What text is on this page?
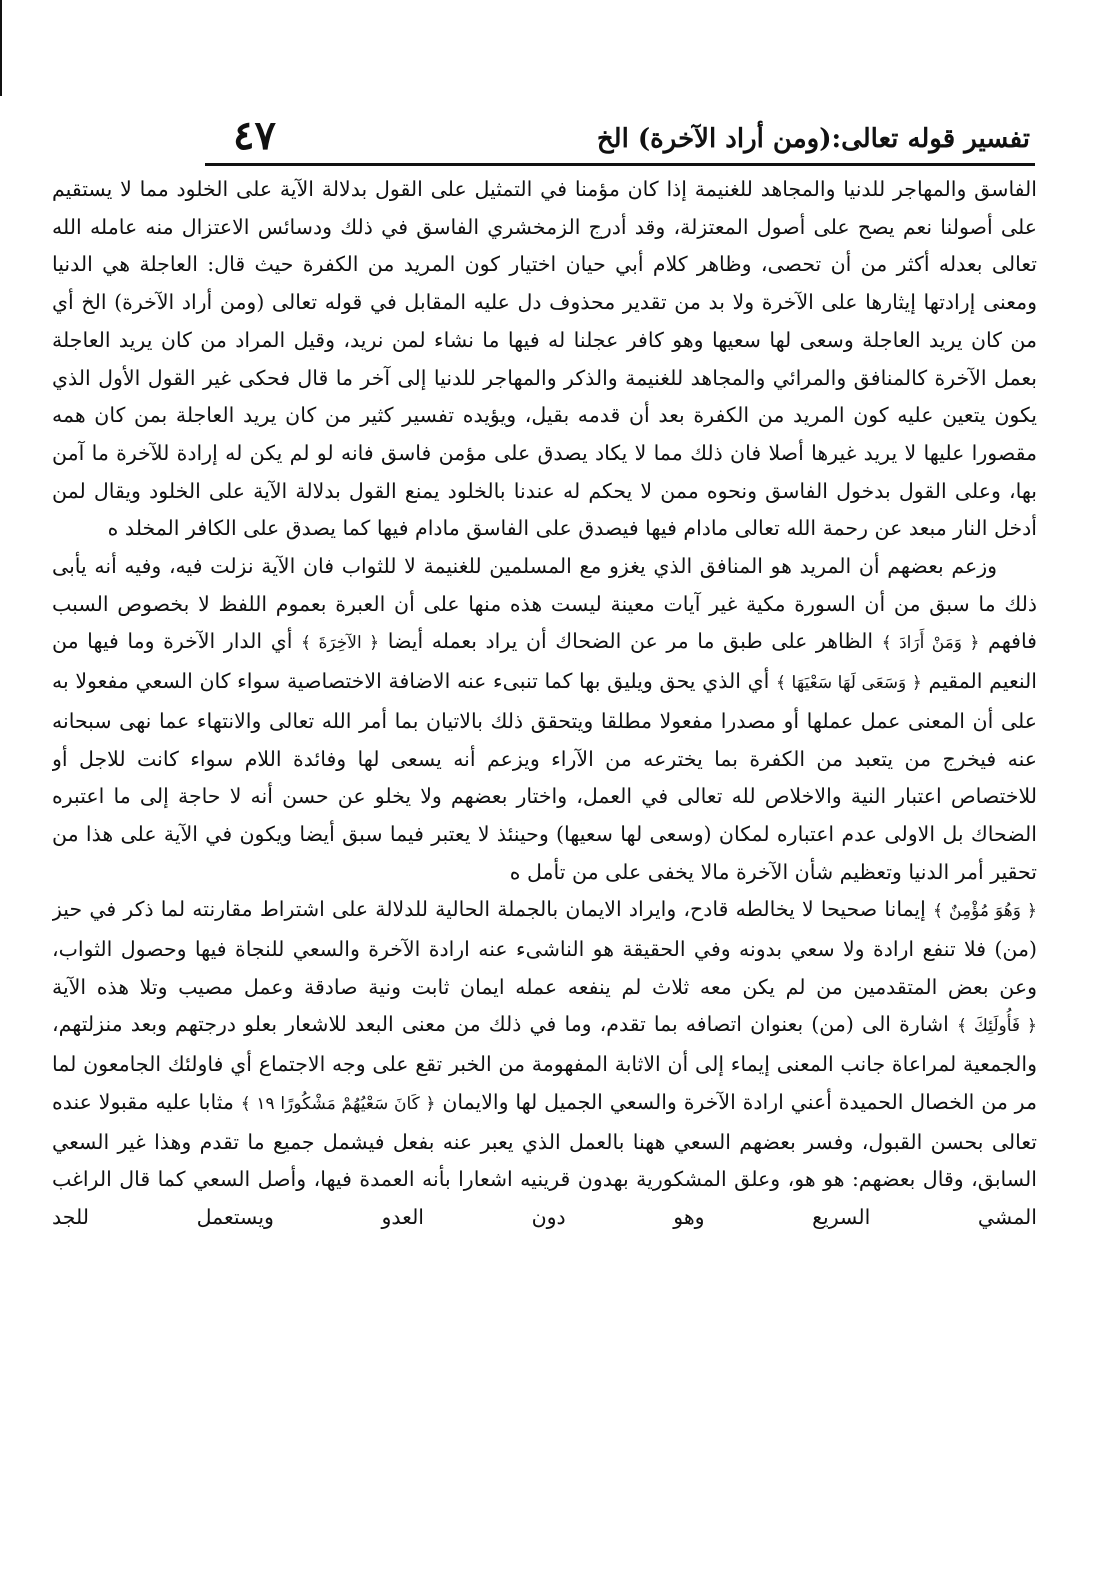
تفسير قوله تعالى:(ومن أراد الآخرة) الخ
٤٧

الفاسق والمهاجر للدنيا والمجاهد للغنيمة إذا كان مؤمنا في التمثيل على القول بدلالة الآية على الخلود مما لا يستقيم على أصولنا نعم يصح على أصول المعتزلة، وقد أدرج الزمخشري الفاسق في ذلك ودسائس الاعتزال منه عامله الله تعالى بعدله أكثر من أن تحصى، وظاهر كلام أبي حيان اختيار كون المريد من الكفرة حيث قال: العاجلة هي الدنيا ومعنى إرادتها إيثارها على الآخرة ولا بد من تقدير محذوف دل عليه المقابل في قوله تعالى (ومن أراد الآخرة) الخ أي من كان يريد العاجلة وسعى لها سعيها وهو كافر عجلنا له فيها ما نشاء لمن نريد، وقيل المراد من كان يريد العاجلة بعمل الآخرة كالمنافق والمرائي والمجاهد للغنيمة والذكر والمهاجر للدنيا إلى آخر ما قال فحكى غير القول الأول الذي يكون يتعين عليه كون المريد من الكفرة بعد أن قدمه بقيل، ويؤيده تفسير كثير من كان يريد العاجلة بمن كان همه مقصورا عليها لا يريد غيرها أصلا فان ذلك مما لا يكاد يصدق على مؤمن فاسق فانه لو لم يكن له إرادة للآخرة ما آمن بها، وعلى القول بدخول الفاسق ونحوه ممن لا يحكم له عندنا بالخلود يمنع القول بدلالة الآية على الخلود ويقال لمن أدخل النار مبعد عن رحمة الله تعالى مادام فيها فيصدق على الفاسق مادام فيها كما يصدق على الكافر المخلد ه

وزعم بعضهم أن المريد هو المنافق الذي يغزو مع المسلمين للغنيمة لا للثواب فان الآية نزلت فيه، وفيه أنه يأبى ذلك ما سبق من أن السورة مكية غير آيات معينة ليست هذه منها على أن العبرة بعموم اللفظ لا بخصوص السبب فافهم ﴿ وَمَنْ أَرَادَ ﴾ الظاهر على طبق ما مر عن الضحاك أن يراد بعمله أيضا ﴿ الآخِرَةَ ﴾ أي الدار الآخرة وما فيها من النعيم المقيم ﴿ وَسَعَى لَهَا سَعْيَهَا ﴾ أي الذي يحق ويليق بها كما تنبىء عنه الاضافة الاختصاصية سواء كان السعي مفعولا به على أن المعنى عمل عملها أو مصدرا مفعولا مطلقا ويتحقق ذلك بالاتيان بما أمر الله تعالى والانتهاء عما نهى سبحانه عنه فيخرج من يتعبد من الكفرة بما يخترعه من الآراء ويزعم أنه يسعى لها وفائدة اللام سواء كانت للاجل أو للاختصاص اعتبار النية والاخلاص لله تعالى في العمل، واختار بعضهم ولا يخلو عن حسن أنه لا حاجة إلى ما اعتبره الضحاك بل الاولى عدم اعتباره لمكان (وسعى لها سعيها) وحينئذ لا يعتبر فيما سبق أيضا ويكون في الآية على هذا من تحقير أمر الدنيا وتعظيم شأن الآخرة مالا يخفى على من تأمل ه

﴿ وَهُوَ مُؤْمِنٌ ﴾ إيمانا صحيحا لا يخالطه قادح، وايراد الايمان بالجملة الحالية للدلالة على اشتراط مقارنته لما ذكر في حيز (من) فلا تنفع ارادة ولا سعي بدونه وفي الحقيقة هو الناشىء عنه ارادة الآخرة والسعي للنجاة فيها وحصول الثواب، وعن بعض المتقدمين من لم يكن معه ثلاث لم ينفعه عمله ايمان ثابت ونية صادقة وعمل مصيب وتلا هذه الآية ﴿ فَأُولَئِكَ ﴾ اشارة الى (من) بعنوان اتصافه بما تقدم، وما في ذلك من معنى البعد للاشعار بعلو درجتهم وبعد منزلتهم، والجمعية لمراعاة جانب المعنى إيماء إلى أن الاثابة المفهومة من الخبر تقع على وجه الاجتماع أي فاولئك الجامعون لما مر من الخصال الحميدة أعني ارادة الآخرة والسعي الجميل لها والايمان ﴿ كَانَ سَعْيُهُمْ مَشْكُورًا ١٩ ﴾ مثابا عليه مقبولا عنده تعالى بحسن القبول، وفسر بعضهم السعي ههنا بالعمل الذي يعبر عنه بفعل فيشمل جميع ما تقدم وهذا غير السعي السابق، وقال بعضهم: هو هو، وعلق المشكورية بهدون قرينيه اشعارا بأنه العمدة فيها، وأصل السعي كما قال الراغب المشي السريع وهو دون العدو ويستعمل للجد
